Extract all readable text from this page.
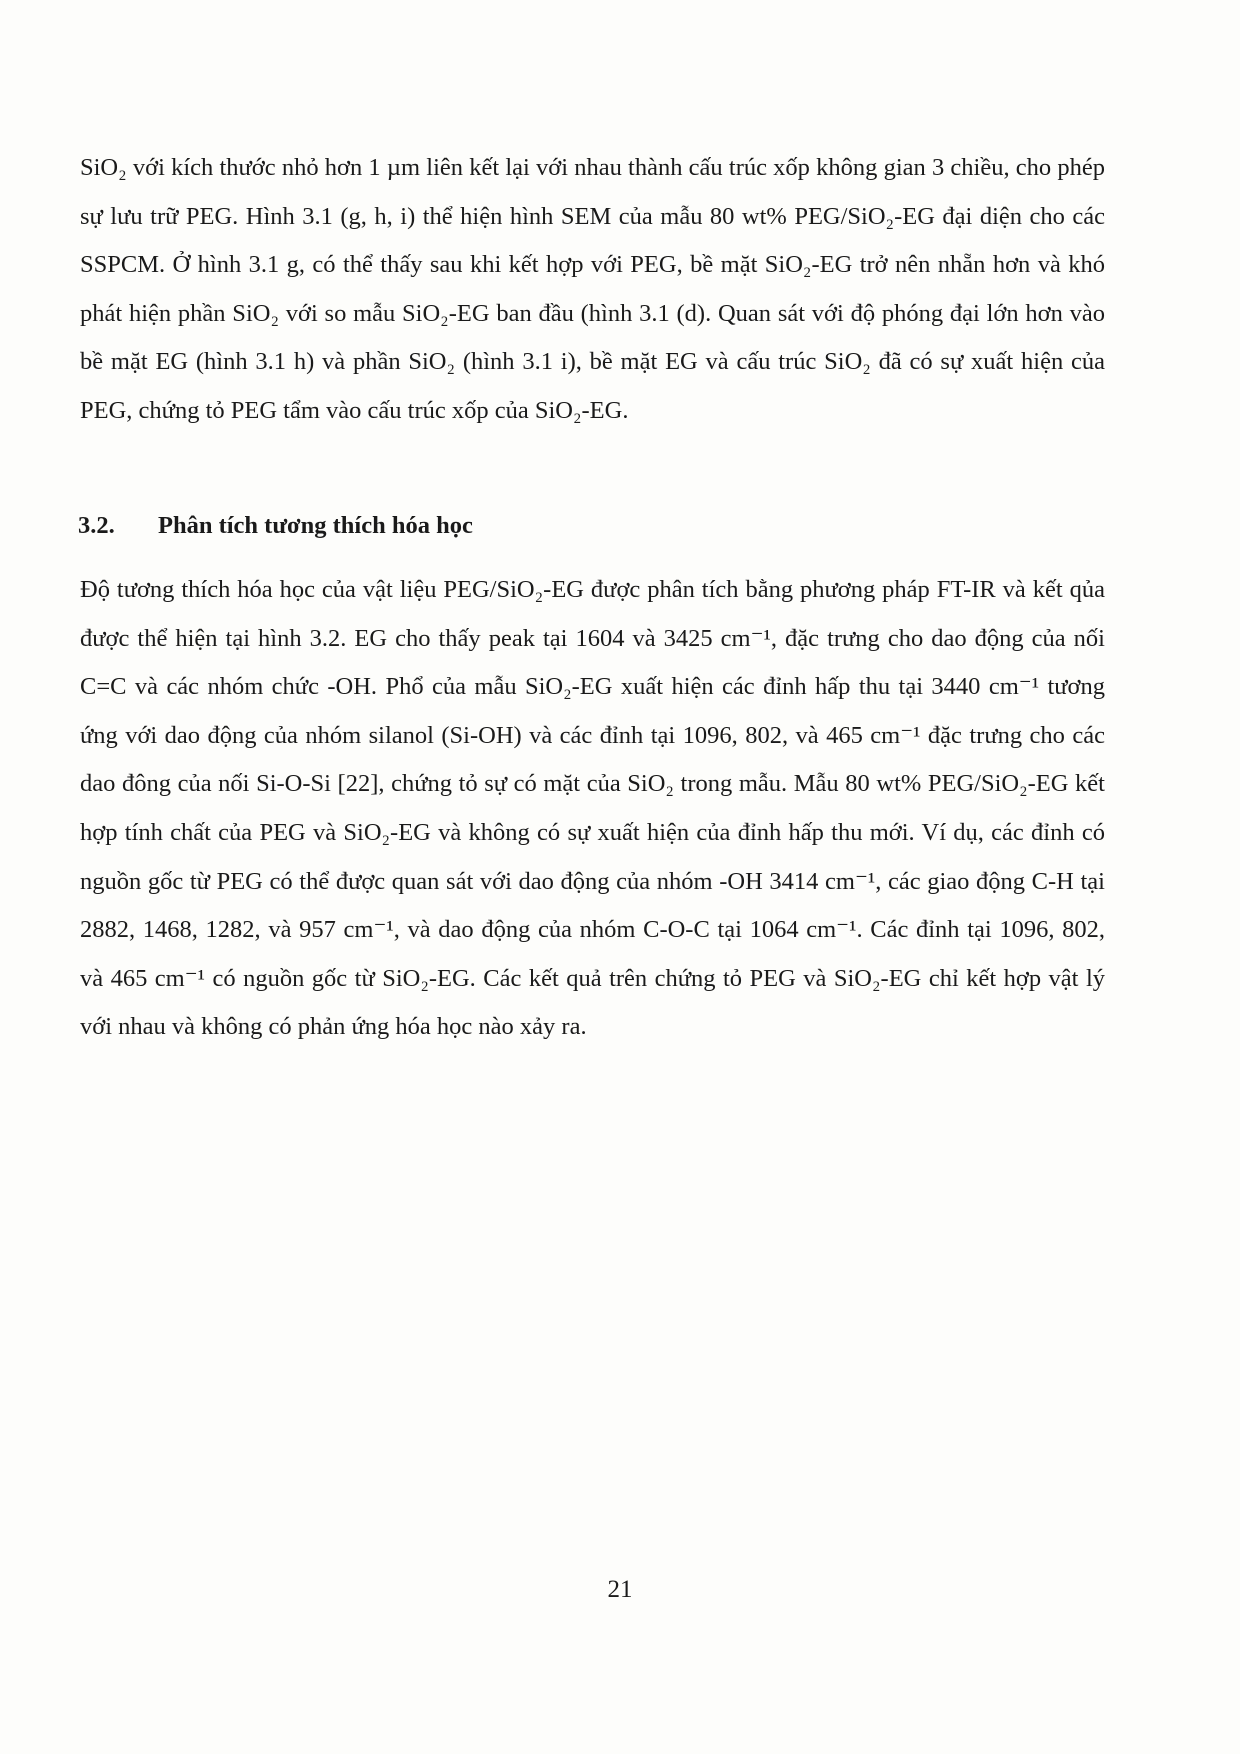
SiO₂ với kích thước nhỏ hơn 1 µm liên kết lại với nhau thành cấu trúc xốp không gian 3 chiều, cho phép sự lưu trữ PEG. Hình 3.1 (g, h, i) thể hiện hình SEM của mẫu 80 wt% PEG/SiO₂-EG đại diện cho các SSPCM. Ở hình 3.1 g, có thể thấy sau khi kết hợp với PEG, bề mặt SiO₂-EG trở nên nhẵn hơn và khó phát hiện phần SiO₂ với so mẫu SiO₂-EG ban đầu (hình 3.1 (d). Quan sát với độ phóng đại lớn hơn vào bề mặt EG (hình 3.1 h) và phần SiO₂ (hình 3.1 i), bề mặt EG và cấu trúc SiO₂ đã có sự xuất hiện của PEG, chứng tỏ PEG tẩm vào cấu trúc xốp của SiO₂-EG.

3.2. Phân tích tương thích hóa học

Độ tương thích hóa học của vật liệu PEG/SiO₂-EG được phân tích bằng phương pháp FT-IR và kết qủa được thể hiện tại hình 3.2. EG cho thấy peak tại 1604 và 3425 cm⁻¹, đặc trưng cho dao động của nối C=C và các nhóm chức -OH. Phổ của mẫu SiO₂-EG xuất hiện các đỉnh hấp thu tại 3440 cm⁻¹ tương ứng với dao động của nhóm silanol (Si-OH) và các đỉnh tại 1096, 802, và 465 cm⁻¹ đặc trưng cho các dao đông của nối Si-O-Si [22], chứng tỏ sự có mặt của SiO₂ trong mẫu. Mẫu 80 wt% PEG/SiO₂-EG kết hợp tính chất của PEG và SiO₂-EG và không có sự xuất hiện của đỉnh hấp thu mới. Ví dụ, các đỉnh có nguồn gốc từ PEG có thể được quan sát với dao động của nhóm -OH 3414 cm⁻¹, các giao động C-H tại 2882, 1468, 1282, và 957 cm⁻¹, và dao động của nhóm C-O-C tại 1064 cm⁻¹. Các đỉnh tại 1096, 802, và 465 cm⁻¹ có nguồn gốc từ SiO₂-EG. Các kết quả trên chứng tỏ PEG và SiO₂-EG chỉ kết hợp vật lý với nhau và không có phản ứng hóa học nào xảy ra.

21
